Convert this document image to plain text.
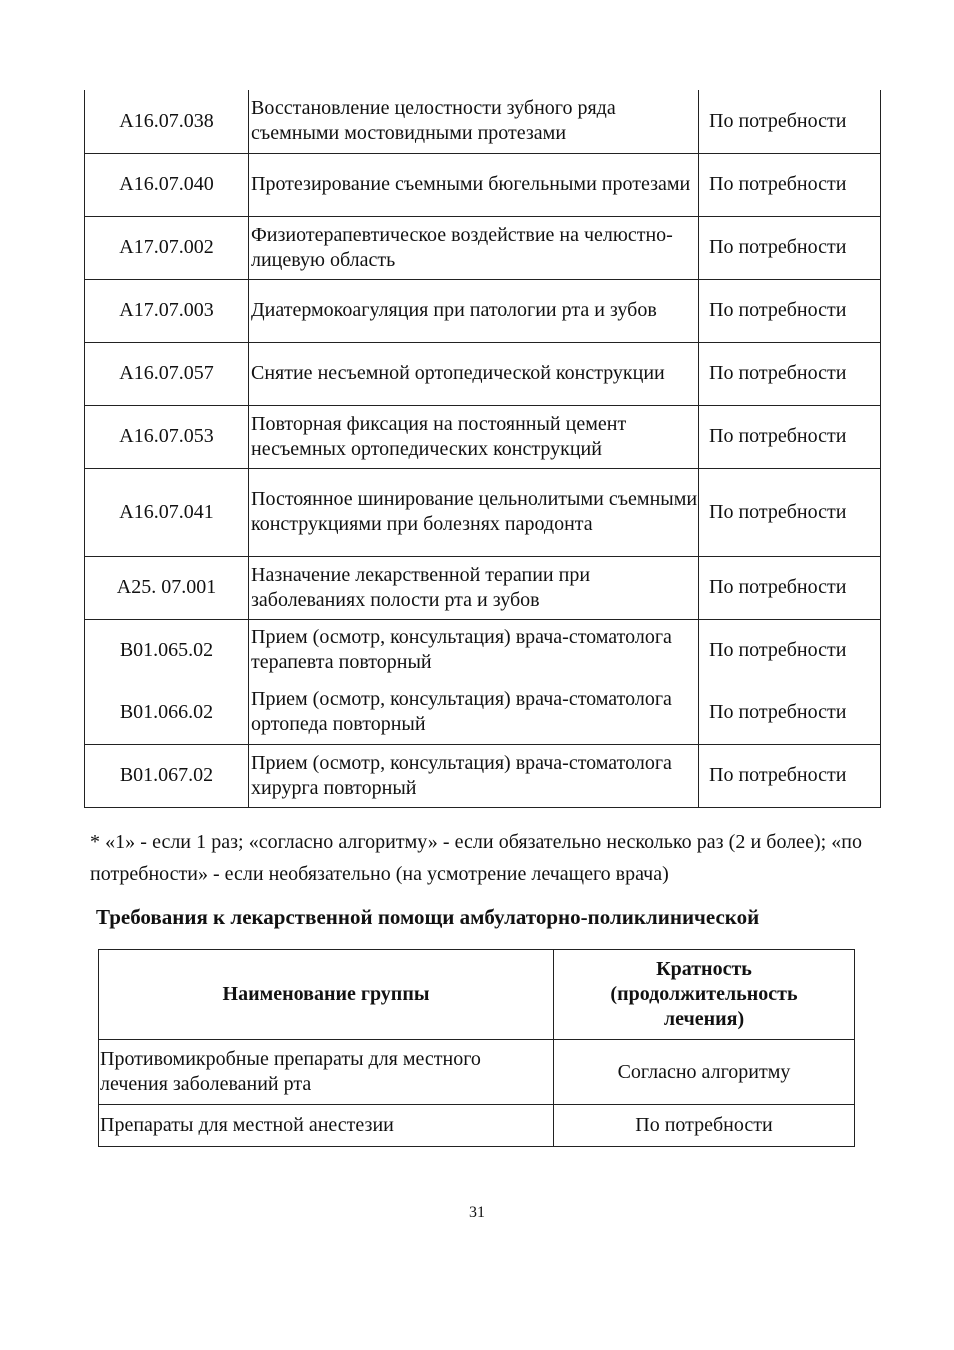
А16.07.038	Восстановление целостности зубного ряда съемными мостовидными протезами	По потребности
А16.07.040	Протезирование съемными бюгельными протезами	По потребности
А17.07.002	Физиотерапевтическое воздействие на челюстно-лицевую область	По потребности
А17.07.003	Диатермокоагуляция при патологии рта и зубов	По потребности
А16.07.057	Снятие несъемной ортопедической конструкции	По потребности
А16.07.053	Повторная фиксация на постоянный цемент несъемных ортопедических конструкций	По потребности
А16.07.041	Постоянное шинирование цельнолитыми съемными конструкциями при болезнях пародонта	По потребности
А25. 07.001	Назначение лекарственной терапии при заболеваниях полости рта и зубов	По потребности
В01.065.02	Прием (осмотр, консультация) врача-стоматолога терапевта повторный	По потребности
В01.066.02	Прием (осмотр, консультация) врача-стоматолога ортопеда повторный	По потребности
В01.067.02	Прием (осмотр, консультация) врача-стоматолога хирурга повторный	По потребности

* «1» - если 1 раз; «согласно алгоритму» - если обязательно несколько раз (2 и более); «по потребности» - если необязательно (на усмотрение лечащего врача)

Требования к лекарственной помощи амбулаторно-поликлинической

Наименование группы	Кратность (продолжительность лечения)
Противомикробные препараты для местного лечения заболеваний рта	Согласно алгоритму
Препараты для местной анестезии	По потребности

31
